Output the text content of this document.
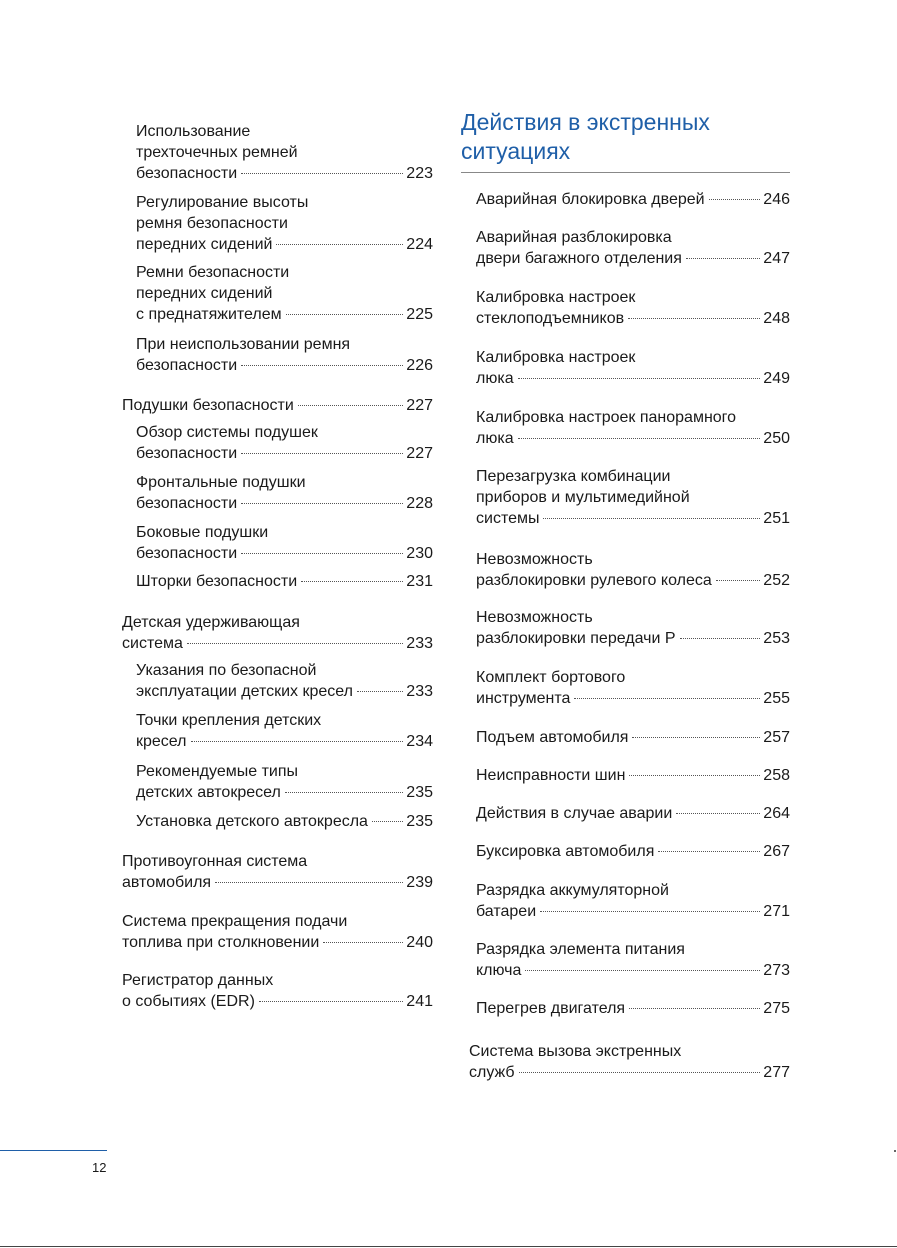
Использование
трехточечных ремней
безопасности	223
Регулирование высоты
ремня безопасности
передних сидений	224
Ремни безопасности
передних сидений
с преднатяжителем	225
При неиспользовании ремня
безопасности	226
Подушки безопасности	227
Обзор системы подушек
безопасности	227
Фронтальные подушки
безопасности	228
Боковые подушки
безопасности	230
Шторки безопасности	231
Детская удерживающая
система	233
Указания по безопасной
эксплуатации детских кресел	233
Точки крепления детских
кресел	234
Рекомендуемые типы
детских автокресел	235
Установка детского автокресла 235
Противоугонная система
автомобиля	239
Система прекращения подачи
топлива при столкновении	240
Регистратор данных
о событиях (EDR)	241
Действия в экстренных
ситуациях
Аварийная блокировка дверей	246
Аварийная разблокировка
двери багажного отделения	247
Калибровка настроек
стеклоподъемников	248
Калибровка настроек
люка	249
Калибровка настроек панорамного
люка	250
Перезагрузка комбинации
приборов и мультимедийной
системы	251
Невозможность
разблокировки рулевого колеса	252
Невозможность
разблокировки передачи P	253
Комплект бортового
инструмента	255
Подъем автомобиля	257
Неисправности шин	258
Действия в случае аварии	264
Буксировка автомобиля	267
Разрядка аккумуляторной
батареи	271
Разрядка элемента питания
ключа	273
Перегрев двигателя	275
Система вызова экстренных
служб	277
12
